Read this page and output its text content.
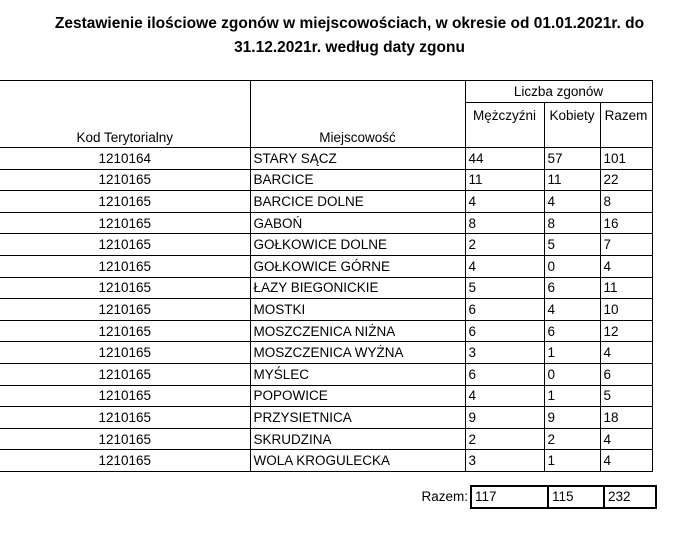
Zestawienie ilościowe zgonów w miejscowościach, w okresie od 01.01.2021r. do
31.12.2021r. według daty zgonu
		Liczba zgonów		
		Mężczyźni	Kobiety	Razem
Kod Terytorialny	Miejscowość			
1210164	STARY SĄCZ	44	57	101
1210165	BARCICE	11	11	22
1210165	BARCICE DOLNE	4	4	8
1210165	GABOŃ	8	8	16
1210165	GOŁKOWICE DOLNE	2	5	7
1210165	GOŁKOWICE GÓRNE	4	0	4
1210165	ŁAZY BIEGONICKIE	5	6	11
1210165	MOSTKI	6	4	10
1210165	MOSZCZENICA NIŻNA	6	6	12
1210165	MOSZCZENICA WYŻNA	3	1	4
1210165	MYŚLEC	6	0	6
1210165	POPOWICE	4	1	5
1210165	PRZYSIETNICA	9	9	18
1210165	SKRUDZINA	2	2	4
1210165	WOLA KROGULECKA	3	1	4
Razem: 117	115	232
